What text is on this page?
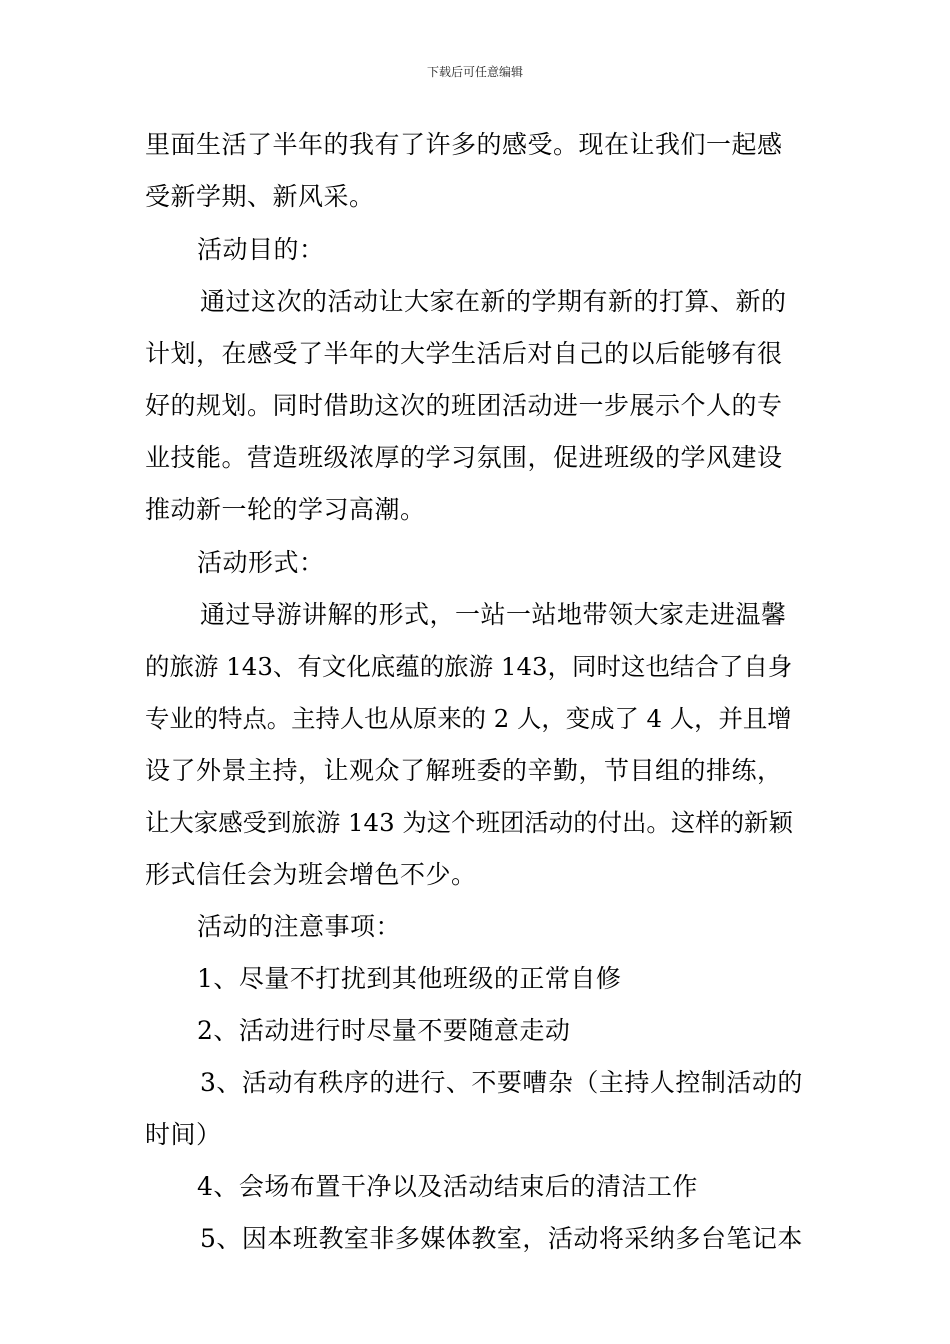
下载后可任意编辑
里面生活了半年的我有了许多的感受。现在让我们一起感
受新学期、新风采。
活动目的：
通过这次的活动让大家在新的学期有新的打算、新的
计划，在感受了半年的大学生活后对自己的以后能够有很
好的规划。同时借助这次的班团活动进一步展示个人的专
业技能。营造班级浓厚的学习氛围，促进班级的学风建设
推动新一轮的学习高潮。
活动形式：
通过导游讲解的形式，一站一站地带领大家走进温馨
的旅游 143、有文化底蕴的旅游 143，同时这也结合了自身
专业的特点。主持人也从原来的 2 人，变成了 4 人，并且增
设了外景主持，让观众了解班委的辛勤，节目组的排练，
让大家感受到旅游 143 为这个班团活动的付出。这样的新颖
形式信任会为班会增色不少。
活动的注意事项：
1、尽量不打扰到其他班级的正常自修
2、活动进行时尽量不要随意走动
3、活动有秩序的进行、不要嘈杂（主持人控制活动的
时间）
4、会场布置干净以及活动结束后的清洁工作
5、因本班教室非多媒体教室，活动将采纳多台笔记本
